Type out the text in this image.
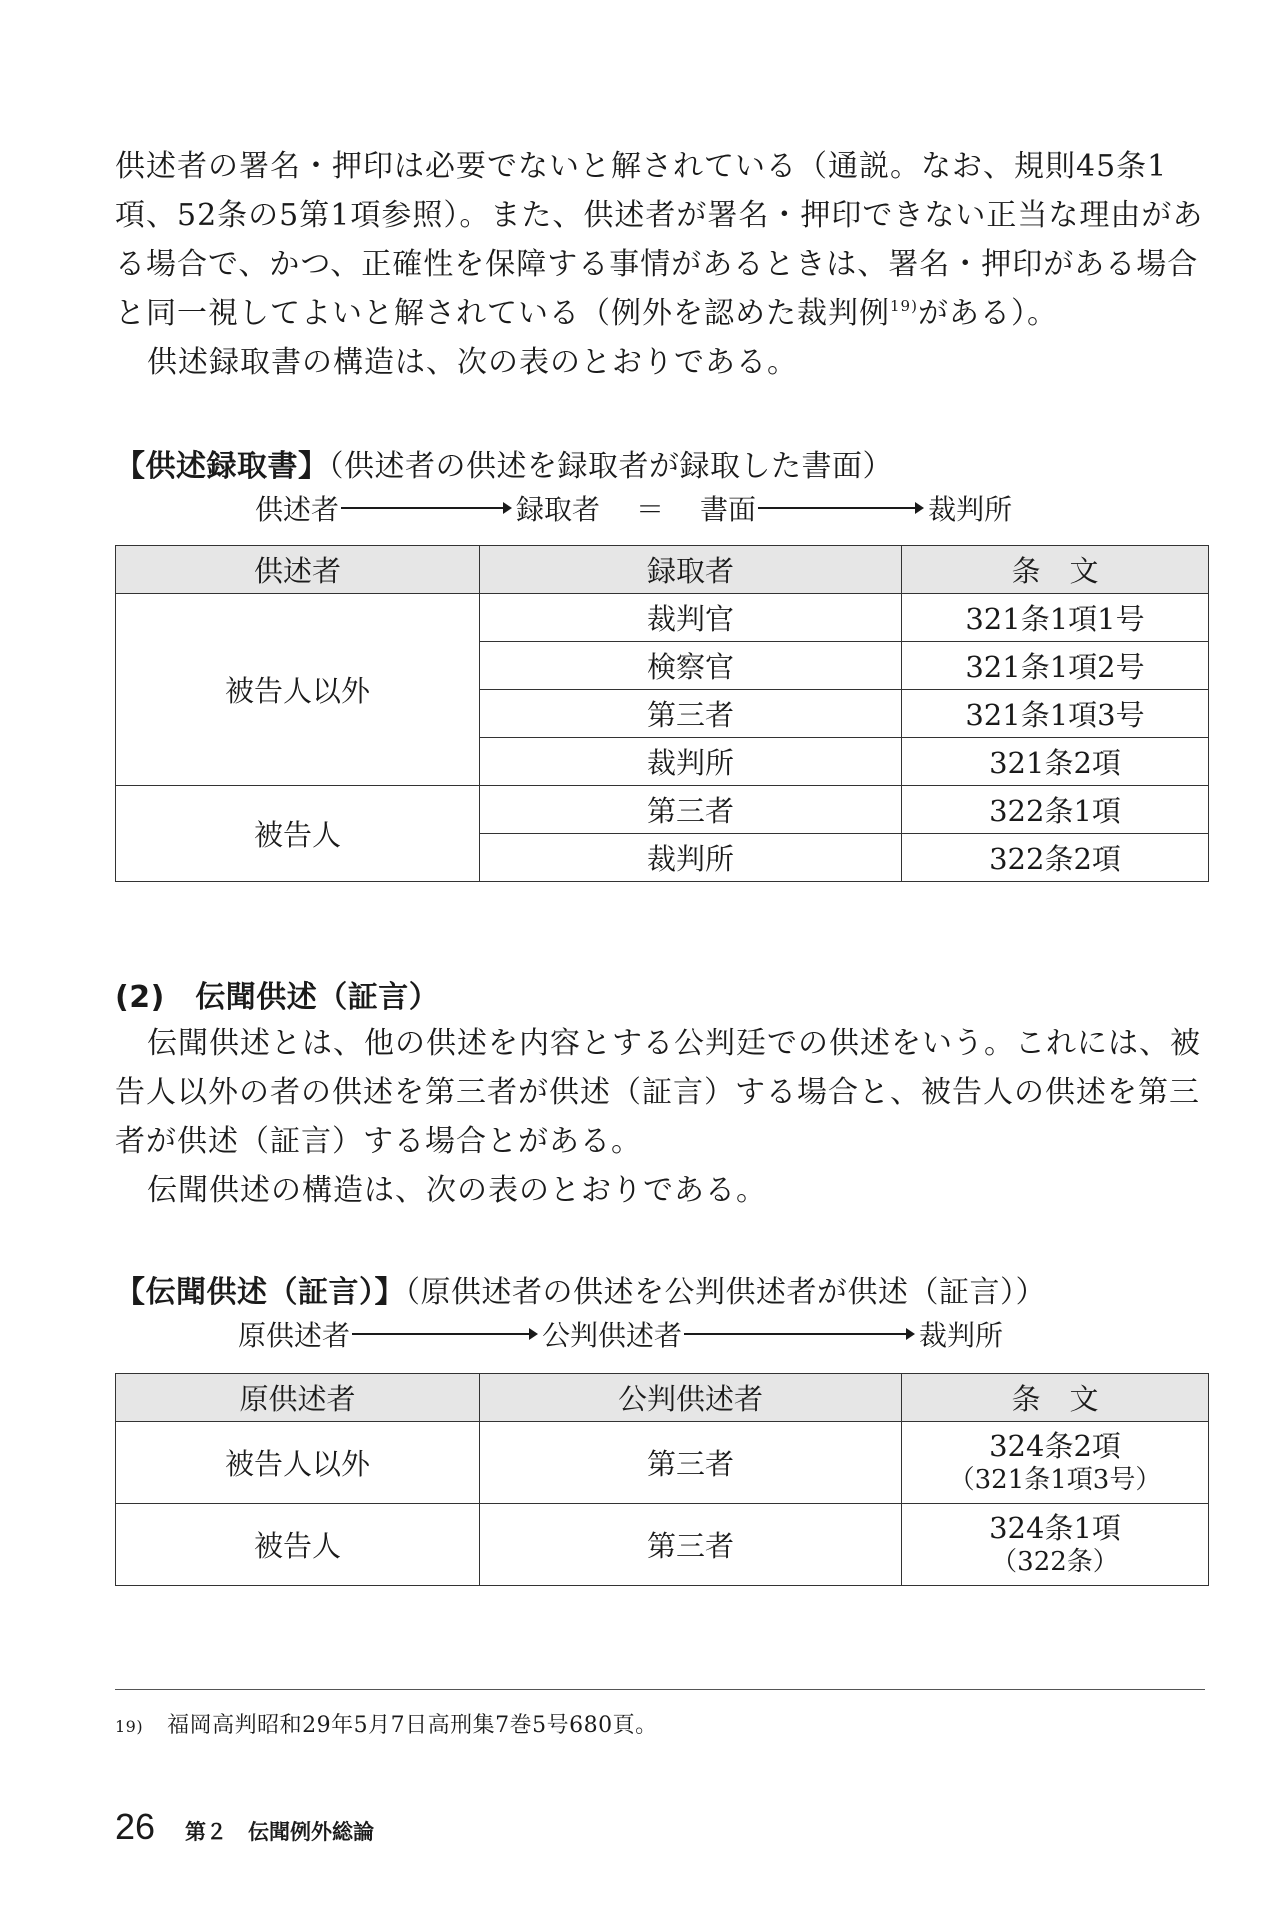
供述者の署名・押印は必要でないと解されている（通説。なお、規則45条1項、52条の5第1項参照）。また、供述者が署名・押印できない正当な理由がある場合で、かつ、正確性を保障する事情があるときは、署名・押印がある場合と同一視してよいと解されている（例外を認めた裁判例$^{19)}$がある）。

供述録取書の構造は、次の表のとおりである。

【供述録取書】（供述者の供述を録取者が録取した書面）
供述者	録取者 ＝ 書面	裁判所
供述者	録取者	条　文
被告人以外	裁判官	321条1項1号
	検察官	321条1項2号
	第三者	321条1項3号
	裁判所	321条2項
被告人	第三者	322条1項
	裁判所	322条2項
(2)　伝聞供述（証言）

伝聞供述とは、他の供述を内容とする公判廷での供述をいう。これには、被告人以外の者の供述を第三者が供述（証言）する場合と、被告人の供述を第三者が供述（証言）する場合とがある。

伝聞供述の構造は、次の表のとおりである。

【伝聞供述（証言）】（原供述者の供述を公判供述者が供述（証言））
原供述者	公判供述者	裁判所
原供述者	公判供述者	条　文
被告人以外	第三者	324条2項
（321条1項3号）

被告人	第三者	324条1項
（322条）
19) 福岡高判昭和29年5月7日高刑集7巻5号680頁。
26 第２　伝聞例外総論
